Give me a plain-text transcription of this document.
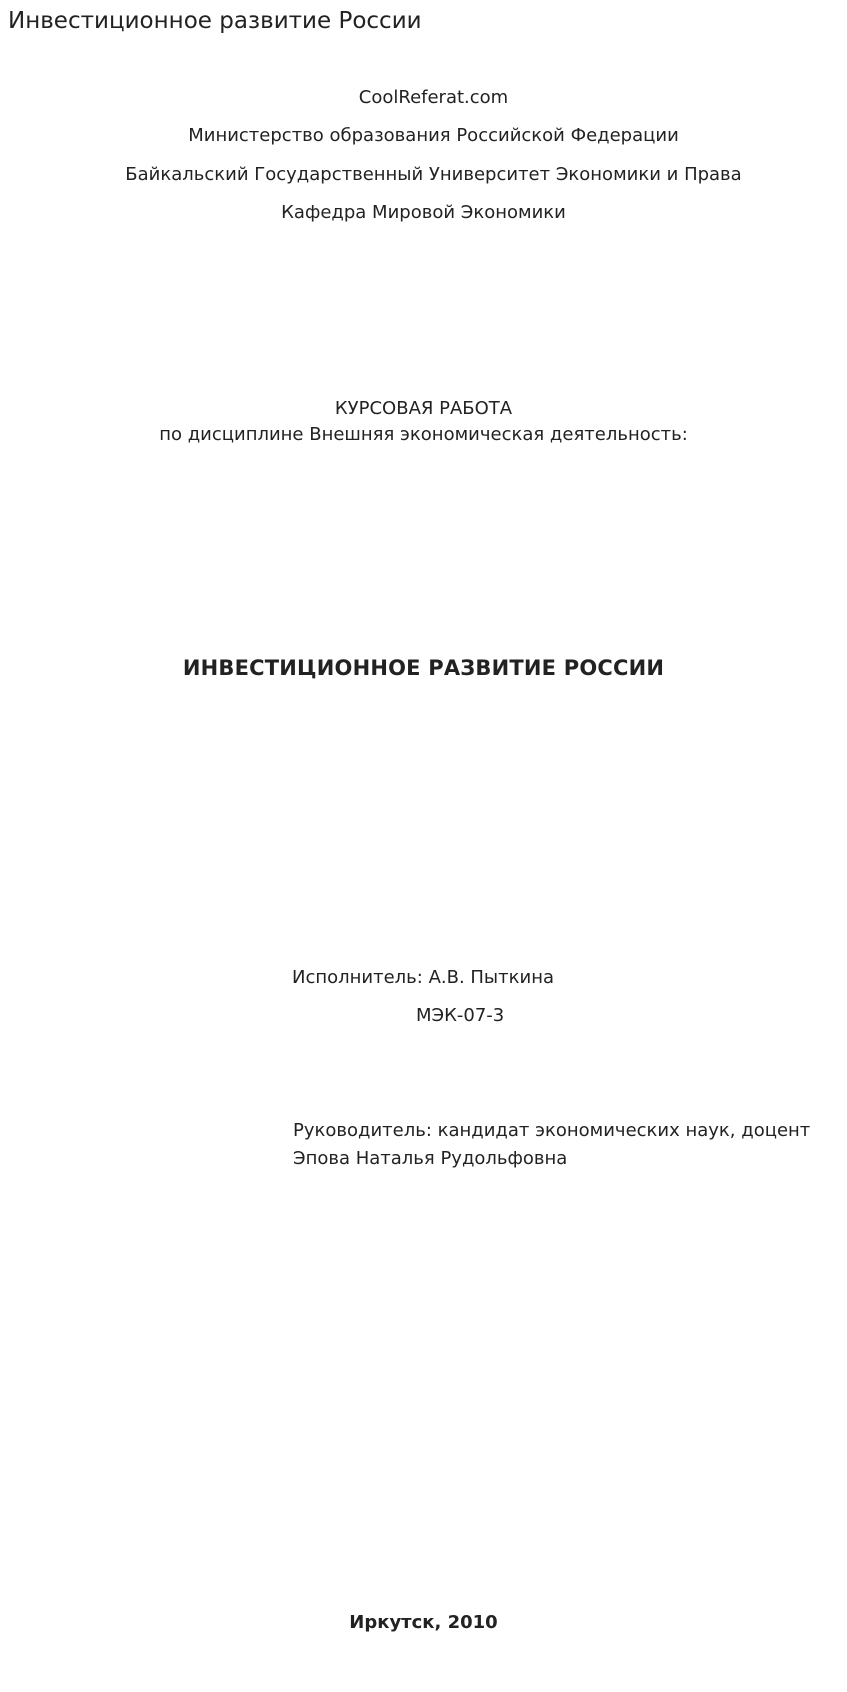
Инвестиционное развитие России

CoolReferat.com

Министерство образования Российской Федерации

Байкальский Государственный Университет Экономики и Права

Кафедра Мировой Экономики

КУРСОВАЯ РАБОТА

по дисциплине Внешняя экономическая деятельность:

ИНВЕСТИЦИОННОЕ РАЗВИТИЕ РОССИИ

Исполнитель: А.В. Пыткина

МЭК-07-3

Руководитель: кандидат экономических наук, доцент

Эпова Наталья Рудольфовна

Иркутск, 2010
